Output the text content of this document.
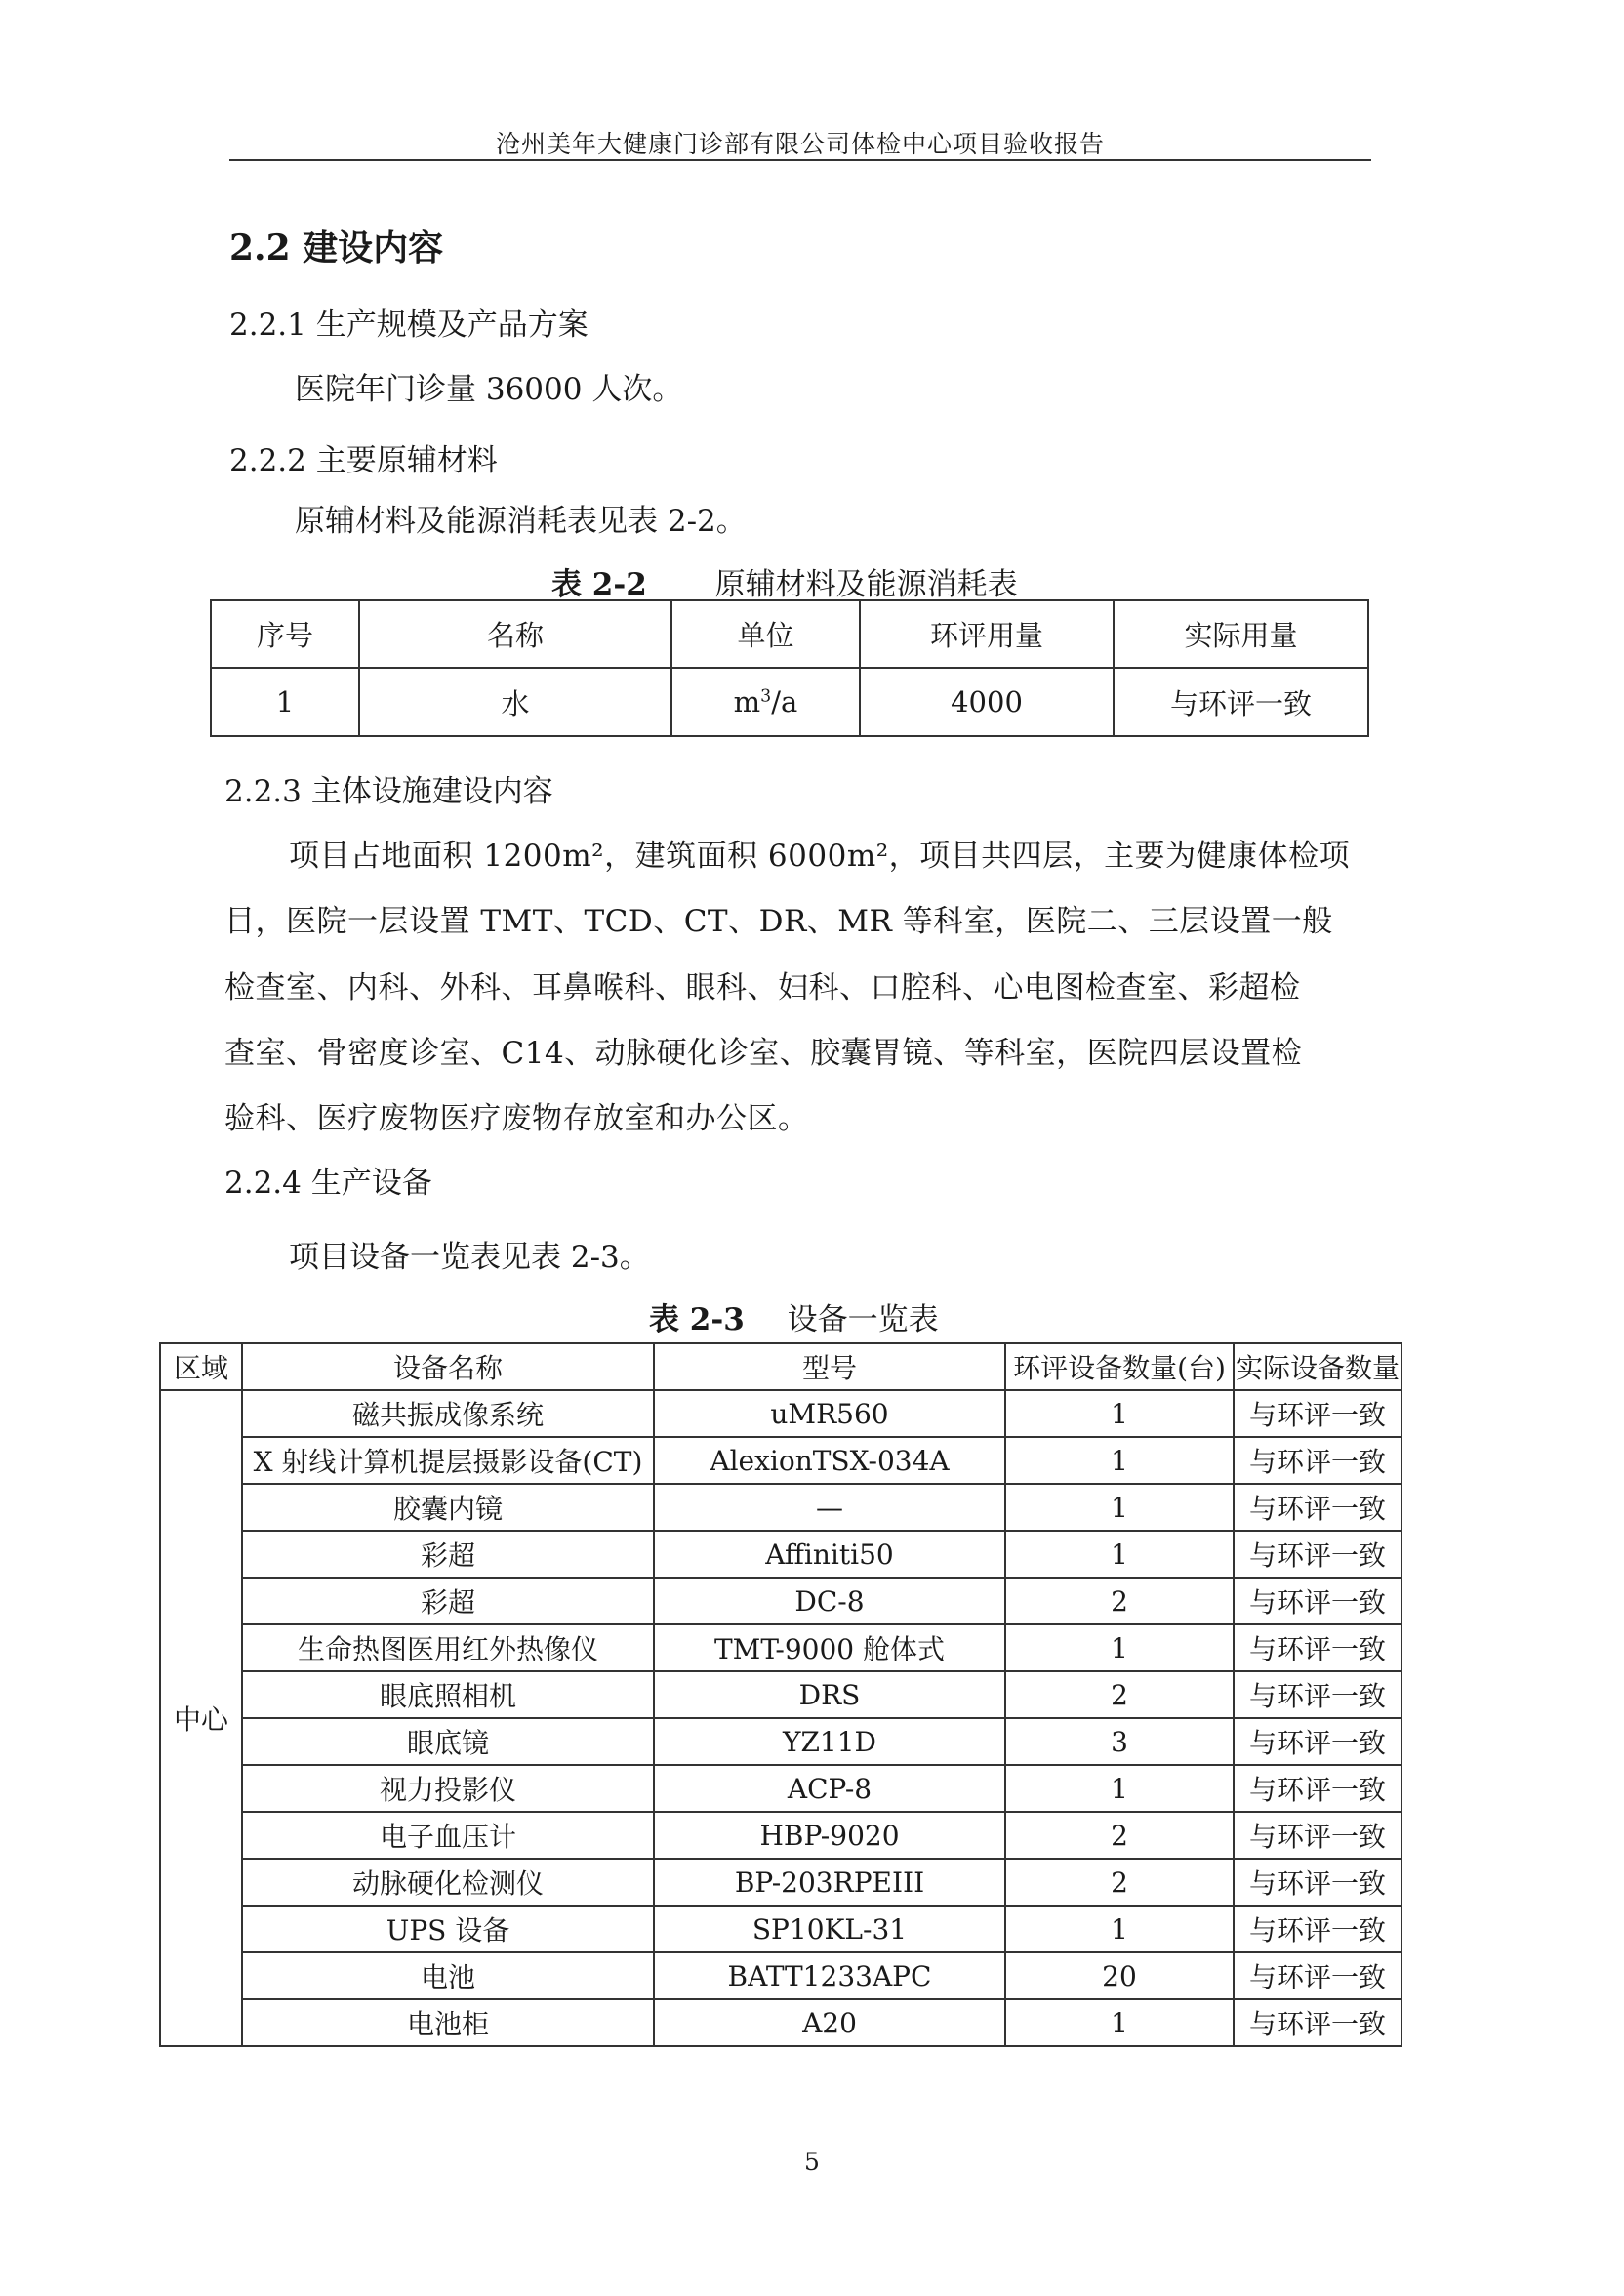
沧州美年大健康门诊部有限公司体检中心项目验收报告
2.2 建设内容
2.2.1 生产规模及产品方案
医院年门诊量 36000 人次。
2.2.2 主要原辅材料
原辅材料及能源消耗表见表 2-2。
表 2-2 原辅材料及能源消耗表
序号	名称	单位	环评用量	实际用量
1	水	$m^3/a$	4000	与环评一致
2.2.3 主体设施建设内容
项目占地面积 1200m²，建筑面积 6000m²，项目共四层，主要为健康体检项
目，医院一层设置 TMT、TCD、CT、DR、MR 等科室，医院二、三层设置一般
检查室、内科、外科、耳鼻喉科、眼科、妇科、口腔科、心电图检查室、彩超检
查室、骨密度诊室、C14、动脉硬化诊室、胶囊胃镜、等科室，医院四层设置检
验科、医疗废物医疗废物存放室和办公区。
2.2.4 生产设备
项目设备一览表见表 2-3。
表 2-3 设备一览表
区域	设备名称	型号	环评设备数量(台)	实际设备数量
中心	磁共振成像系统	uMR560	1	与环评一致
	X 射线计算机提层摄影设备(CT)	AlexionTSX-034A	1	与环评一致
	胶囊内镜	—	1	与环评一致
	彩超	Affiniti50	1	与环评一致
	彩超	DC-8	2	与环评一致
	生命热图医用红外热像仪	TMT-9000 舱体式	1	与环评一致
	眼底照相机	DRS	2	与环评一致
	眼底镜	YZ11D	3	与环评一致
	视力投影仪	ACP-8	1	与环评一致
	电子血压计	HBP-9020	2	与环评一致
	动脉硬化检测仪	BP-203RPEIII	2	与环评一致
	UPS 设备	SP10KL-31	1	与环评一致
	电池	BATT1233APC	20	与环评一致
	电池柜	A20	1	与环评一致
5
